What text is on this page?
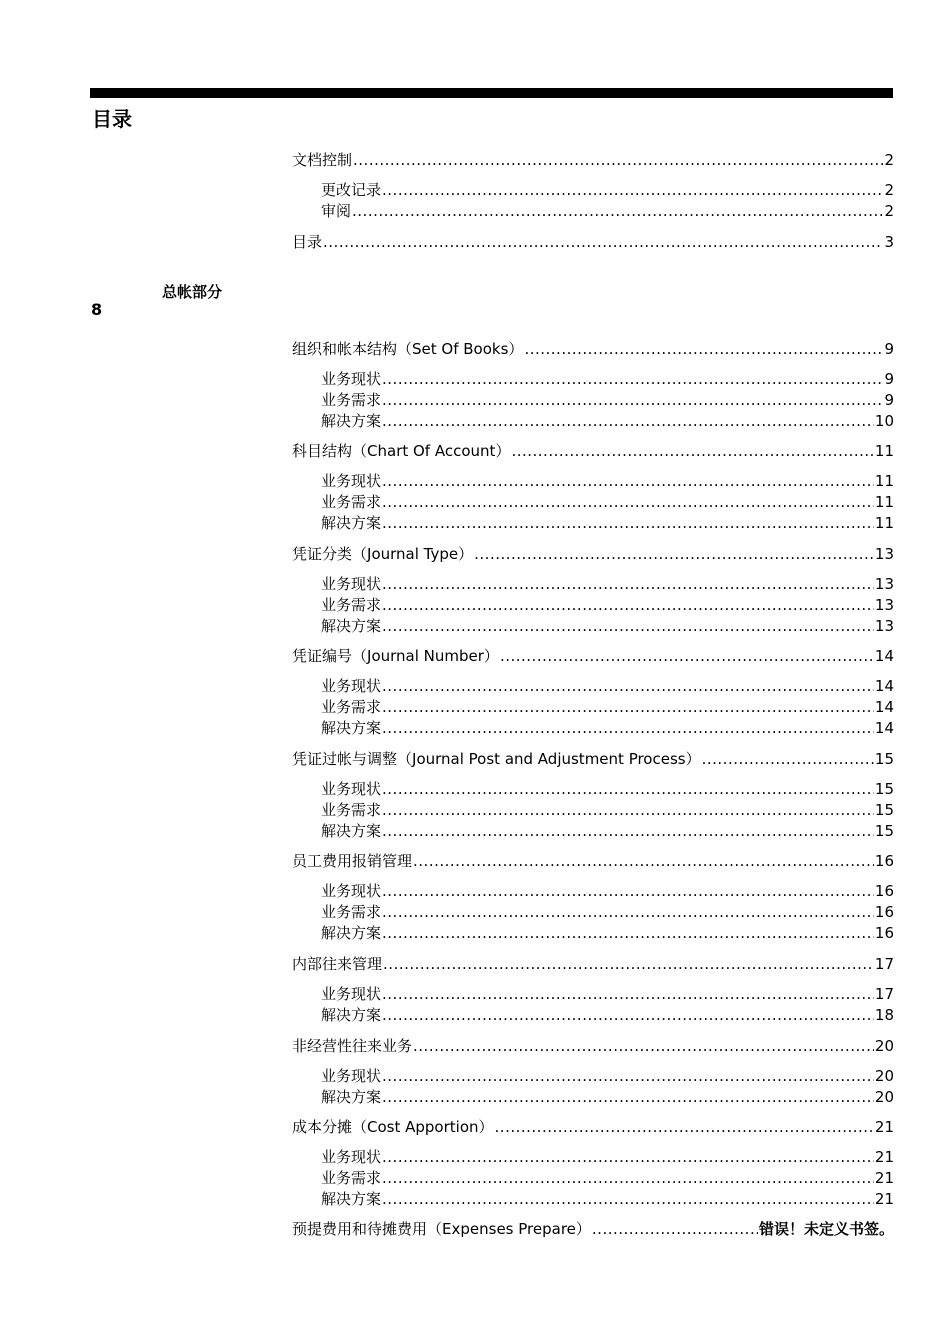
目录
总帐部分
8
文档控制 .....	2
更改记录 .....	2
审阅 .....	2
目录 .....	3
组织和帐本结构（Set Of Books） .....	9
业务现状 .....	9
业务需求 .....	9
解决方案 .....	10
科目结构（Chart Of Account） .....	11
业务现状 .....	11
业务需求 .....	11
解决方案 .....	11
凭证分类（Journal Type） .....	13
业务现状 .....	13
业务需求 .....	13
解决方案 .....	13
凭证编号（Journal Number） .....	14
业务现状 .....	14
业务需求 .....	14
解决方案 .....	14
凭证过帐与调整（Journal Post and Adjustment Process） .....	15
业务现状 .....	15
业务需求 .....	15
解决方案 .....	15
员工费用报销管理 .....	16
业务现状 .....	16
业务需求 .....	16
解决方案 .....	16
内部往来管理 .....	17
业务现状 .....	17
解决方案 .....	18
非经营性往来业务 .....	20
业务现状 .....	20
解决方案 .....	20
成本分摊（Cost Apportion） .....	21
业务现状 .....	21
业务需求 .....	21
解决方案 .....	21
预提费用和待摊费用（Expenses Prepare） .....	错误！未定义书签。
